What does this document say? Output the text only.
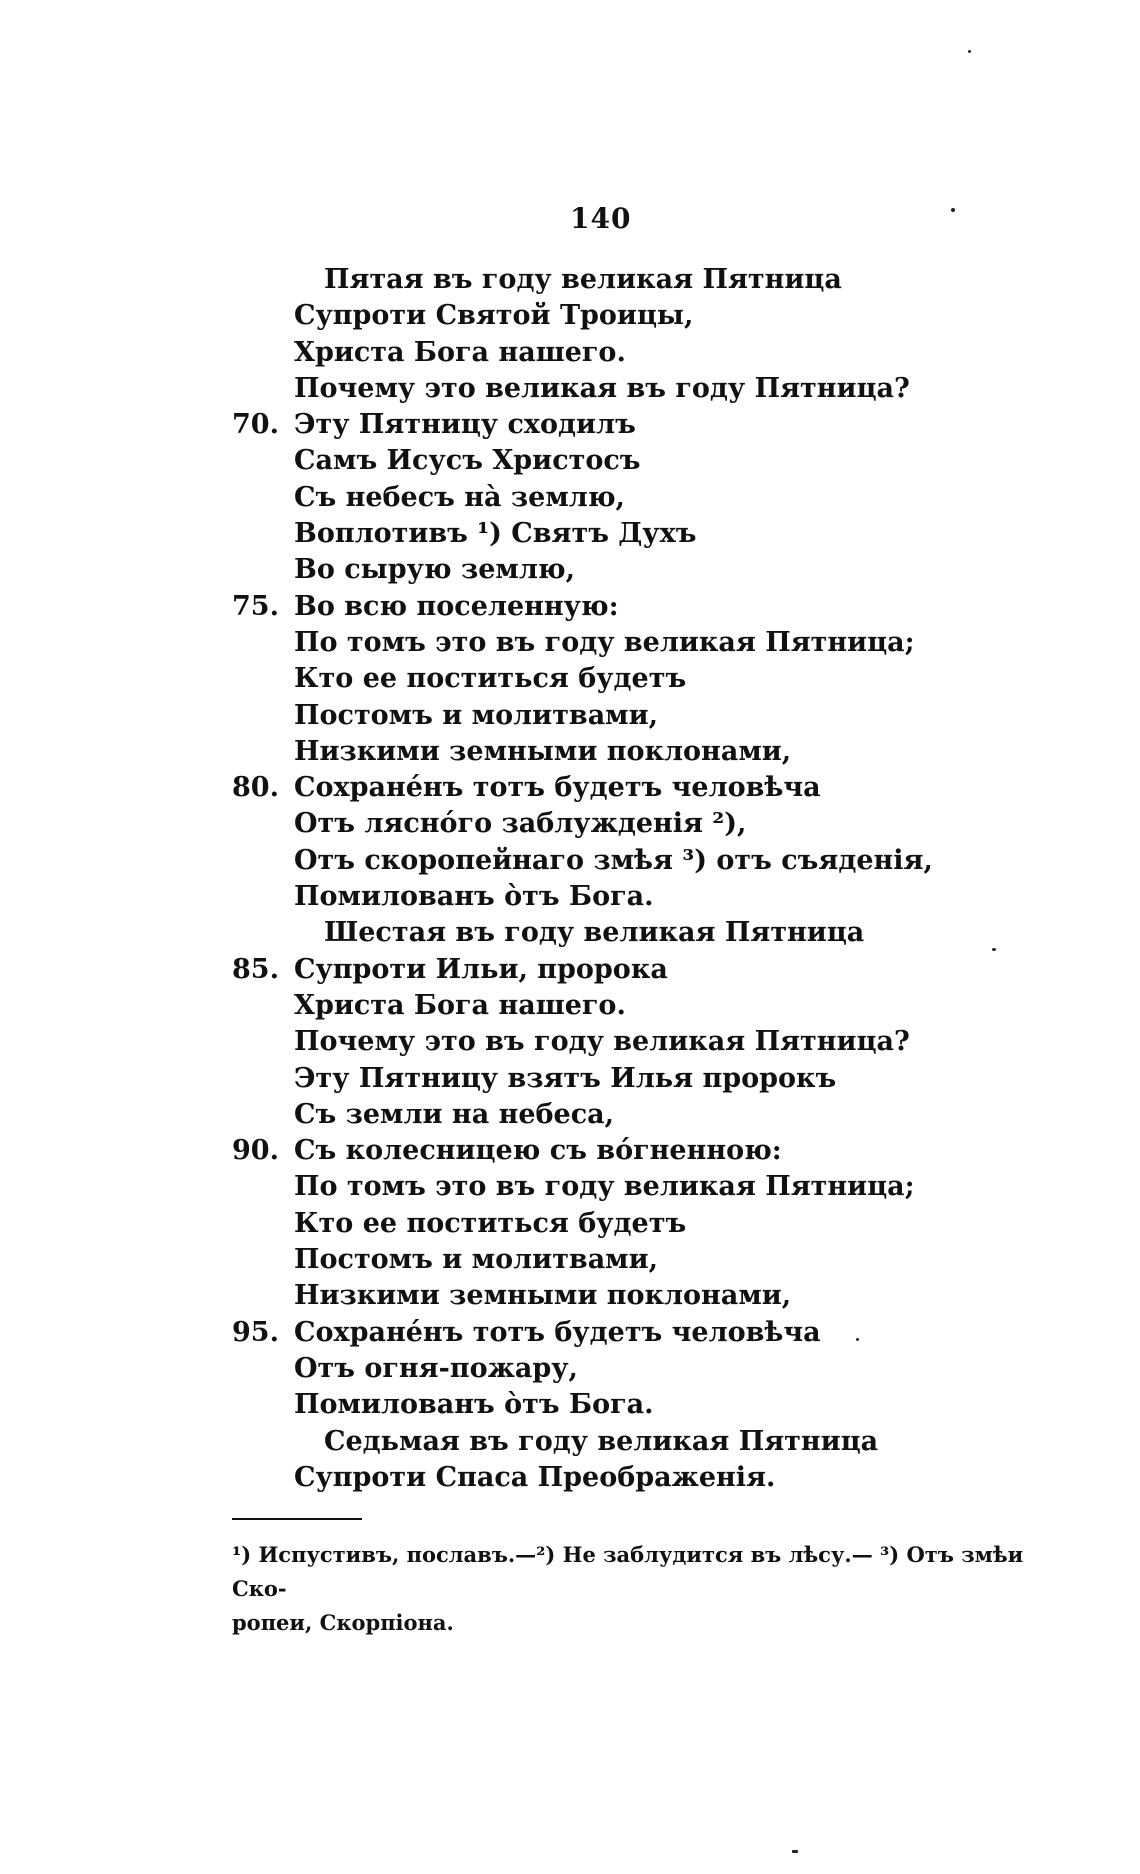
140
Пятая въ году великая Пятница
Супроти Святой Троицы,
Христа Бога нашего.
Почему это великая въ году Пятница?
70. Эту Пятницу сходилъ
Самъ Исусъ Христосъ
Съ небесъ на̀ землю,
Воплотивъ ¹) Святъ Духъ
Во сырую землю,
75. Во всю поселенную:
По томъ это въ году великая Пятница;
Кто ее поститься будетъ
Постомъ и молитвами,
Низкими земными поклонами,
80. Сохране́нъ тотъ будетъ человѣча
Отъ лясно́го заблужденія ²),
Отъ скоропейнаго змѣя ³) отъ съяденія,
Помилованъ о̀тъ Бога.
Шестая въ году великая Пятница
85. Супроти Ильи, пророка
Христа Бога нашего.
Почему это въ году великая Пятница?
Эту Пятницу взятъ Илья пророкъ
Съ земли на небеса,
90. Съ колесницею съ во́гненною:
По томъ это въ году великая Пятница;
Кто ее поститься будетъ
Постомъ и молитвами,
Низкими земными поклонами,
95. Сохране́нъ тотъ будетъ человѣча
Отъ огня-пожару,
Помилованъ о̀тъ Бога.
Седьмая въ году великая Пятница
Супроти Спаса Преображенія.
¹) Испустивъ, пославъ.—²) Не заблудится въ лѣсу.— ³) Отъ змѣи Ско-
ропеи, Скорпіона.
